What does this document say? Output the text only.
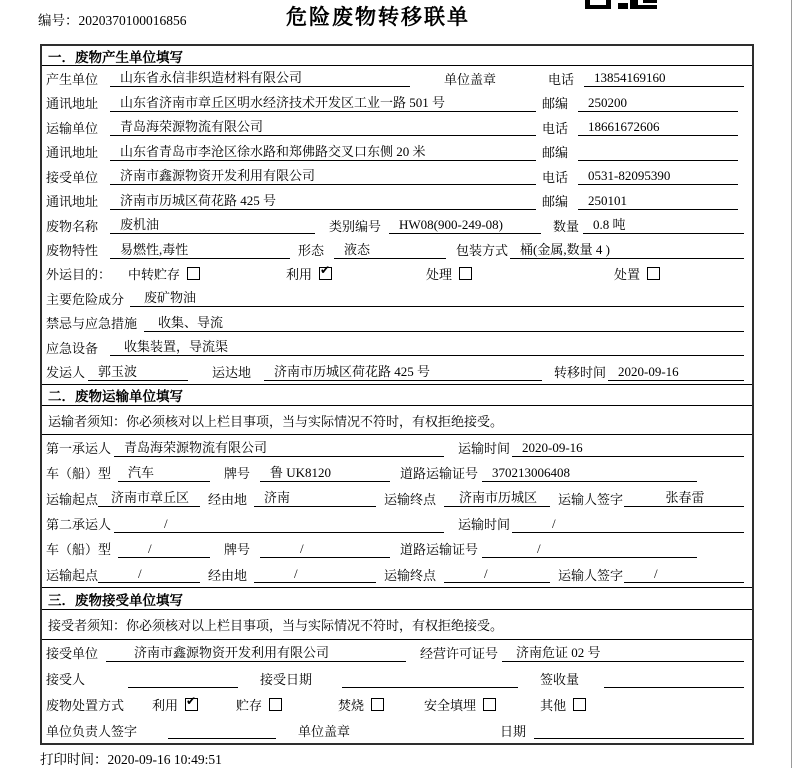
编号：2020370100016856	危险废物转移联单
一．废物产生单位填写
产生单位	山东省永信非织造材料有限公司	单位盖章	电话	13854169160
通讯地址	山东省济南市章丘区明水经济技术开发区工业一路 501 号	邮编	250200
运输单位	青岛海荣源物流有限公司	电话	18661672606
通讯地址	山东省青岛市李沧区徐水路和郑佛路交叉口东侧 20 米	邮编
接受单位	济南市鑫源物资开发利用有限公司	电话	0531-82095390
通讯地址	济南市历城区荷花路 425 号	邮编	250101
废物名称	废机油	类别编号	HW08(900-249-08)	数量	0.8 吨
废物特性	易燃性,毒性	形态	液态	包装方式 桶(金属,数量 4 )
外运目的：	中转贮存	利用 ✔	处理	处置
主要危险成分	废矿物油
禁忌与应急措施	收集、导流
应急设备	收集装置，导流渠
发运人 郭玉波	运达地	济南市历城区荷花路 425 号	转移时间 2020-09-16
二．废物运输单位填写
运输者须知：你必须核对以上栏目事项，当与实际情况不符时，有权拒绝接受。
第一承运人 青岛海荣源物流有限公司	运输时间 2020-09-16
车（船）型	汽车	牌号	鲁 UK8120	道路运输证号	370213006408
运输起点 济南市章丘区	经由地	济南	运输终点	济南市历城区	运输人签字	张春雷
第二承运人	/	运输时间	/
车（船）型	/	牌号	/	道路运输证号	/
运输起点	/	经由地	/	运输终点	/	运输人签字	/
三．废物接受单位填写
接受者须知：你必须核对以上栏目事项，当与实际情况不符时，有权拒绝接受。
接受单位	济南市鑫源物资开发利用有限公司	经营许可证号	济南危证 02 号
接受人	接受日期	签收量
废物处置方式	利用 ✔	贮存	焚烧	安全填埋	其他
单位负责人签字	单位盖章	日期
打印时间：2020-09-16 10:49:51
